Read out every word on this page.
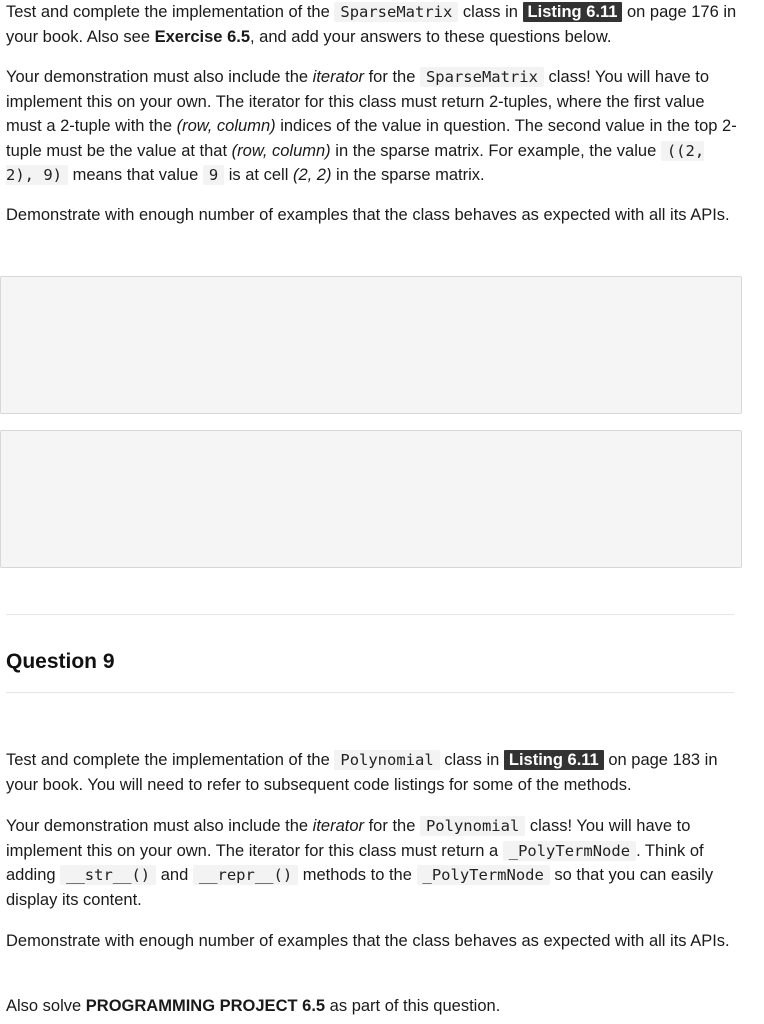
Test and complete the implementation of the SparseMatrix class in Listing 6.11 on page 176 in your book. Also see Exercise 6.5, and add your answers to these questions below.

Your demonstration must also include the iterator for the SparseMatrix class! You will have to implement this on your own. The iterator for this class must return 2-tuples, where the first value must a 2-tuple with the (row, column) indices of the value in question. The second value in the top 2-tuple must be the value at that (row, column) in the sparse matrix. For example, the value ((2, 2), 9) means that value 9 is at cell (2, 2) in the sparse matrix.

Demonstrate with enough number of examples that the class behaves as expected with all its APIs.

Question 9

Test and complete the implementation of the Polynomial class in Listing 6.11 on page 183 in your book. You will need to refer to subsequent code listings for some of the methods.

Your demonstration must also include the iterator for the Polynomial class! You will have to implement this on your own. The iterator for this class must return a _PolyTermNode . Think of adding __str__() and __repr__() methods to the _PolyTermNode so that you can easily display its content.

Demonstrate with enough number of examples that the class behaves as expected with all its APIs.

Also solve PROGRAMMING PROJECT 6.5 as part of this question.
